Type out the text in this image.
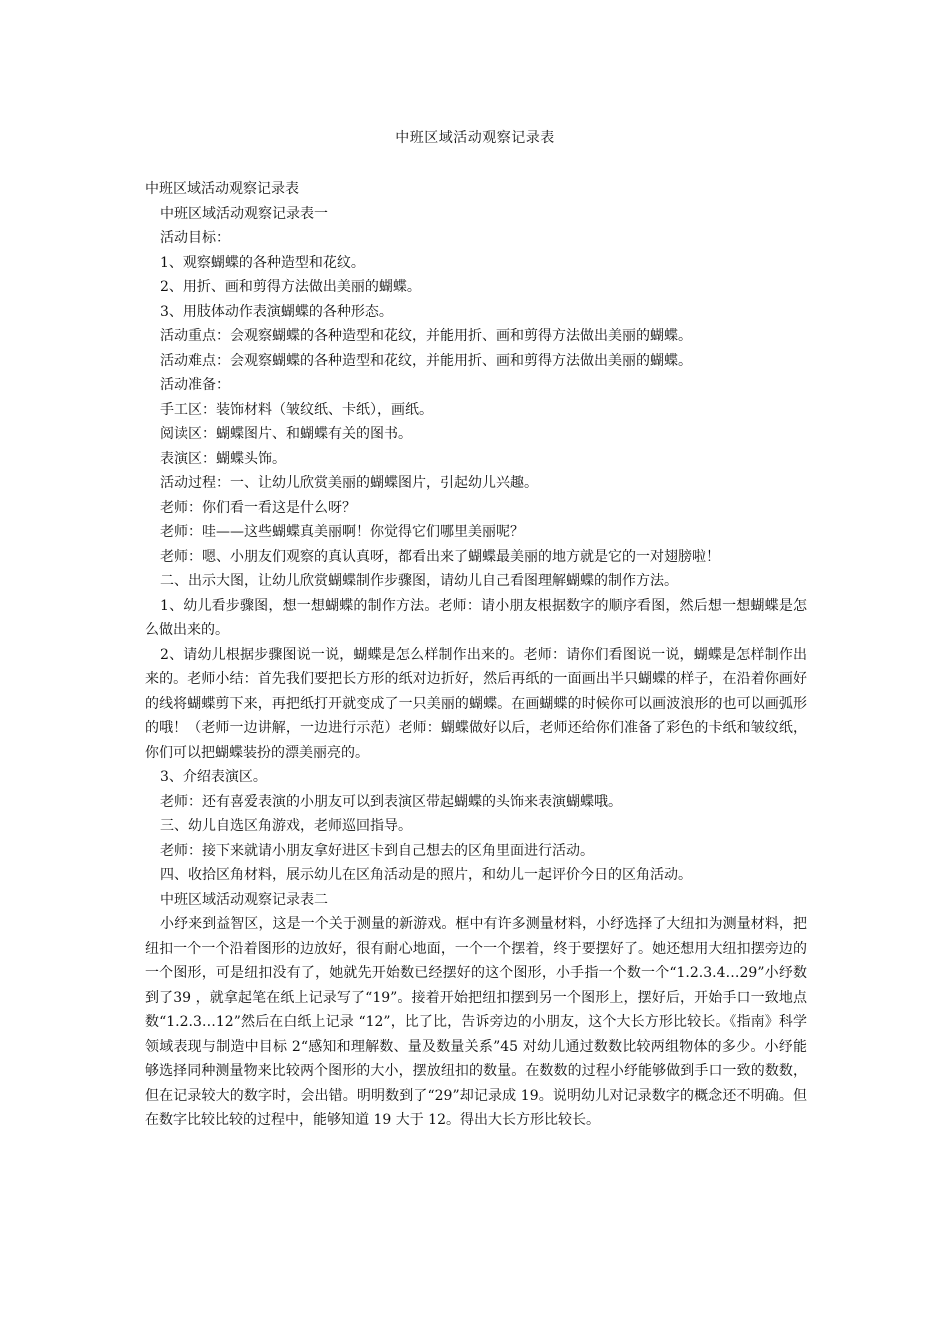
中班区域活动观察记录表

中班区域活动观察记录表

中班区域活动观察记录表一

活动目标：

1、观察蝴蝶的各种造型和花纹。

2、用折、画和剪得方法做出美丽的蝴蝶。

3、用肢体动作表演蝴蝶的各种形态。

活动重点：会观察蝴蝶的各种造型和花纹，并能用折、画和剪得方法做出美丽的蝴蝶。

活动难点：会观察蝴蝶的各种造型和花纹，并能用折、画和剪得方法做出美丽的蝴蝶。

活动准备：

手工区：装饰材料（皱纹纸、卡纸），画纸。

阅读区：蝴蝶图片、和蝴蝶有关的图书。

表演区：蝴蝶头饰。

活动过程：一、让幼儿欣赏美丽的蝴蝶图片，引起幼儿兴趣。

老师：你们看一看这是什么呀？

老师：哇——这些蝴蝶真美丽啊！你觉得它们哪里美丽呢？

老师：嗯、小朋友们观察的真认真呀，都看出来了蝴蝶最美丽的地方就是它的一对翅膀啦！

二、出示大图，让幼儿欣赏蝴蝶制作步骤图，请幼儿自己看图理解蝴蝶的制作方法。

1、幼儿看步骤图，想一想蝴蝶的制作方法。老师：请小朋友根据数字的顺序看图，然后想一想蝴蝶是怎么做出来的。

2、请幼儿根据步骤图说一说，蝴蝶是怎么样制作出来的。老师：请你们看图说一说，蝴蝶是怎样制作出来的。老师小结：首先我们要把长方形的纸对边折好，然后再纸的一面画出半只蝴蝶的样子，在沿着你画好的线将蝴蝶剪下来，再把纸打开就变成了一只美丽的蝴蝶。在画蝴蝶的时候你可以画波浪形的也可以画弧形的哦！（老师一边讲解，一边进行示范）老师：蝴蝶做好以后，老师还给你们准备了彩色的卡纸和皱纹纸，你们可以把蝴蝶装扮的漂美丽亮的。

3、介绍表演区。

老师：还有喜爱表演的小朋友可以到表演区带起蝴蝶的头饰来表演蝴蝶哦。

三、幼儿自选区角游戏，老师巡回指导。

老师：接下来就请小朋友拿好进区卡到自己想去的区角里面进行活动。

四、收拾区角材料，展示幼儿在区角活动是的照片，和幼儿一起评价今日的区角活动。

中班区域活动观察记录表二

小纾来到益智区，这是一个关于测量的新游戏。框中有许多测量材料，小纾选择了大纽扣为测量材料，把纽扣一个一个沿着图形的边放好，很有耐心地面，一个一个摆着，终于要摆好了。她还想用大纽扣摆旁边的一个图形，可是纽扣没有了，她就先开始数已经摆好的这个图形，小手指一个数一个“1.2.3.4…29”小纾数到了39 ，就拿起笔在纸上记录写了“19”。接着开始把纽扣摆到另一个图形上，摆好后，开始手口一致地点数“1.2.3…12”然后在白纸上记录 “12”，比了比，告诉旁边的小朋友，这个大长方形比较长。《指南》科学领域表现与制造中目标 2“感知和理解数、量及数量关系”45 对幼儿通过数数比较两组物体的多少。小纾能够选择同种测量物来比较两个图形的大小，摆放纽扣的数量。在数数的过程小纾能够做到手口一致的数数，但在记录较大的数字时，会出错。明明数到了“29”却记录成 19。说明幼儿对记录数字的概念还不明确。但在数字比较比较的过程中，能够知道 19 大于 12。得出大长方形比较长。
